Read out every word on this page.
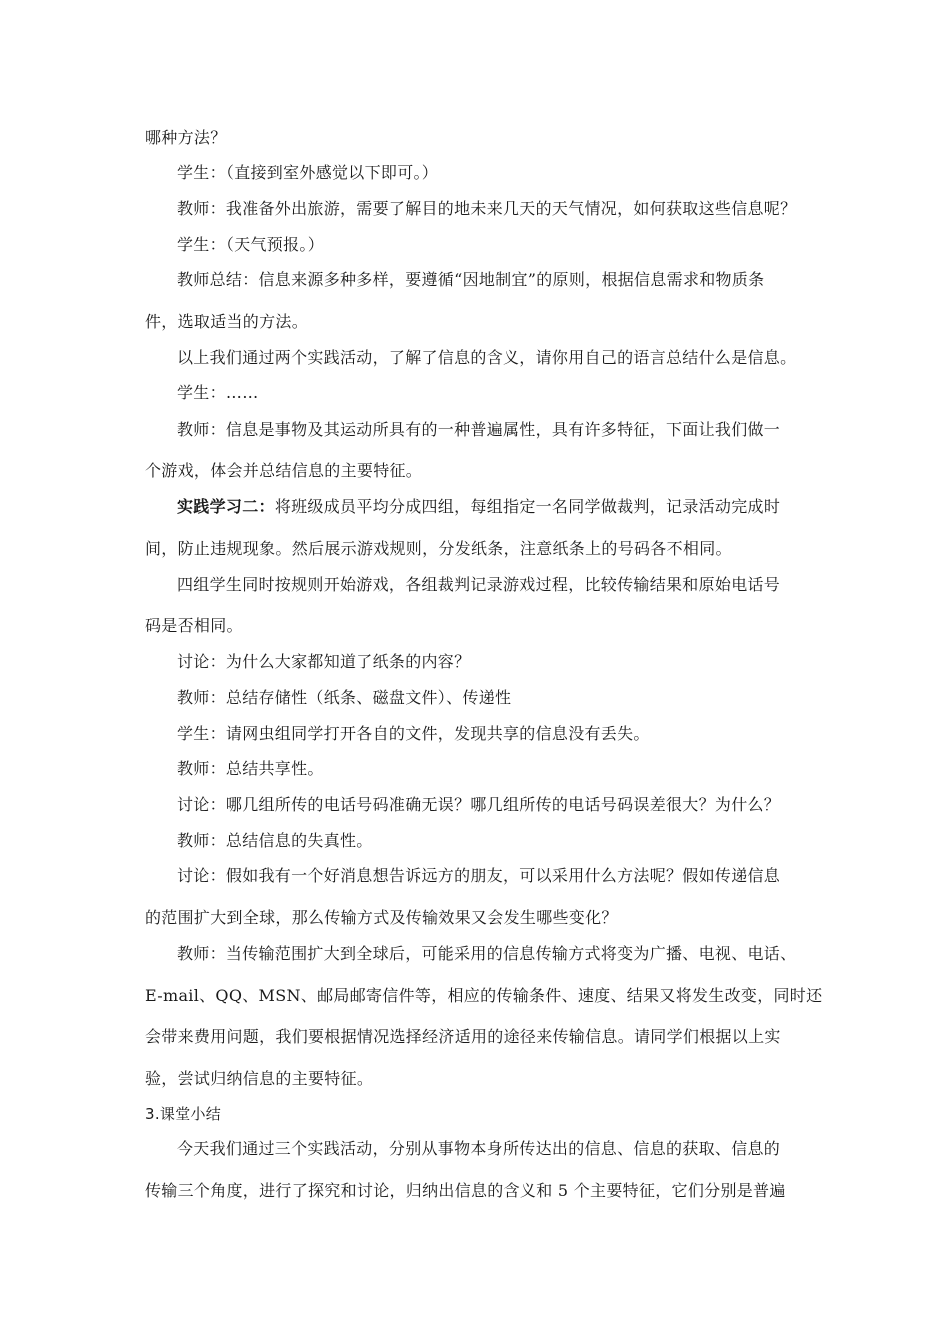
哪种方法？
学生：（直接到室外感觉以下即可。）
教师：我准备外出旅游，需要了解目的地未来几天的天气情况，如何获取这些信息呢？
学生：（天气预报。）
教师总结：信息来源多种多样，要遵循“因地制宜”的原则，根据信息需求和物质条
件，选取适当的方法。
以上我们通过两个实践活动，了解了信息的含义，请你用自己的语言总结什么是信息。
学生：……
教师：信息是事物及其运动所具有的一种普遍属性，具有许多特征，下面让我们做一
个游戏，体会并总结信息的主要特征。
实践学习二：将班级成员平均分成四组，每组指定一名同学做裁判，记录活动完成时
间，防止违规现象。然后展示游戏规则，分发纸条，注意纸条上的号码各不相同。
四组学生同时按规则开始游戏，各组裁判记录游戏过程，比较传输结果和原始电话号
码是否相同。
讨论：为什么大家都知道了纸条的内容？
教师：总结存储性（纸条、磁盘文件）、传递性
学生：请网虫组同学打开各自的文件，发现共享的信息没有丢失。
教师：总结共享性。
讨论：哪几组所传的电话号码准确无误？哪几组所传的电话号码误差很大？为什么？
教师：总结信息的失真性。
讨论：假如我有一个好消息想告诉远方的朋友，可以采用什么方法呢？假如传递信息
的范围扩大到全球，那么传输方式及传输效果又会发生哪些变化？
教师：当传输范围扩大到全球后，可能采用的信息传输方式将变为广播、电视、电话、
E-mail、QQ、MSN、邮局邮寄信件等，相应的传输条件、速度、结果又将发生改变，同时还
会带来费用问题，我们要根据情况选择经济适用的途径来传输信息。请同学们根据以上实
验，尝试归纳信息的主要特征。
3.课堂小结
今天我们通过三个实践活动，分别从事物本身所传达出的信息、信息的获取、信息的
传输三个角度，进行了探究和讨论，归纳出信息的含义和 5 个主要特征，它们分别是普遍
